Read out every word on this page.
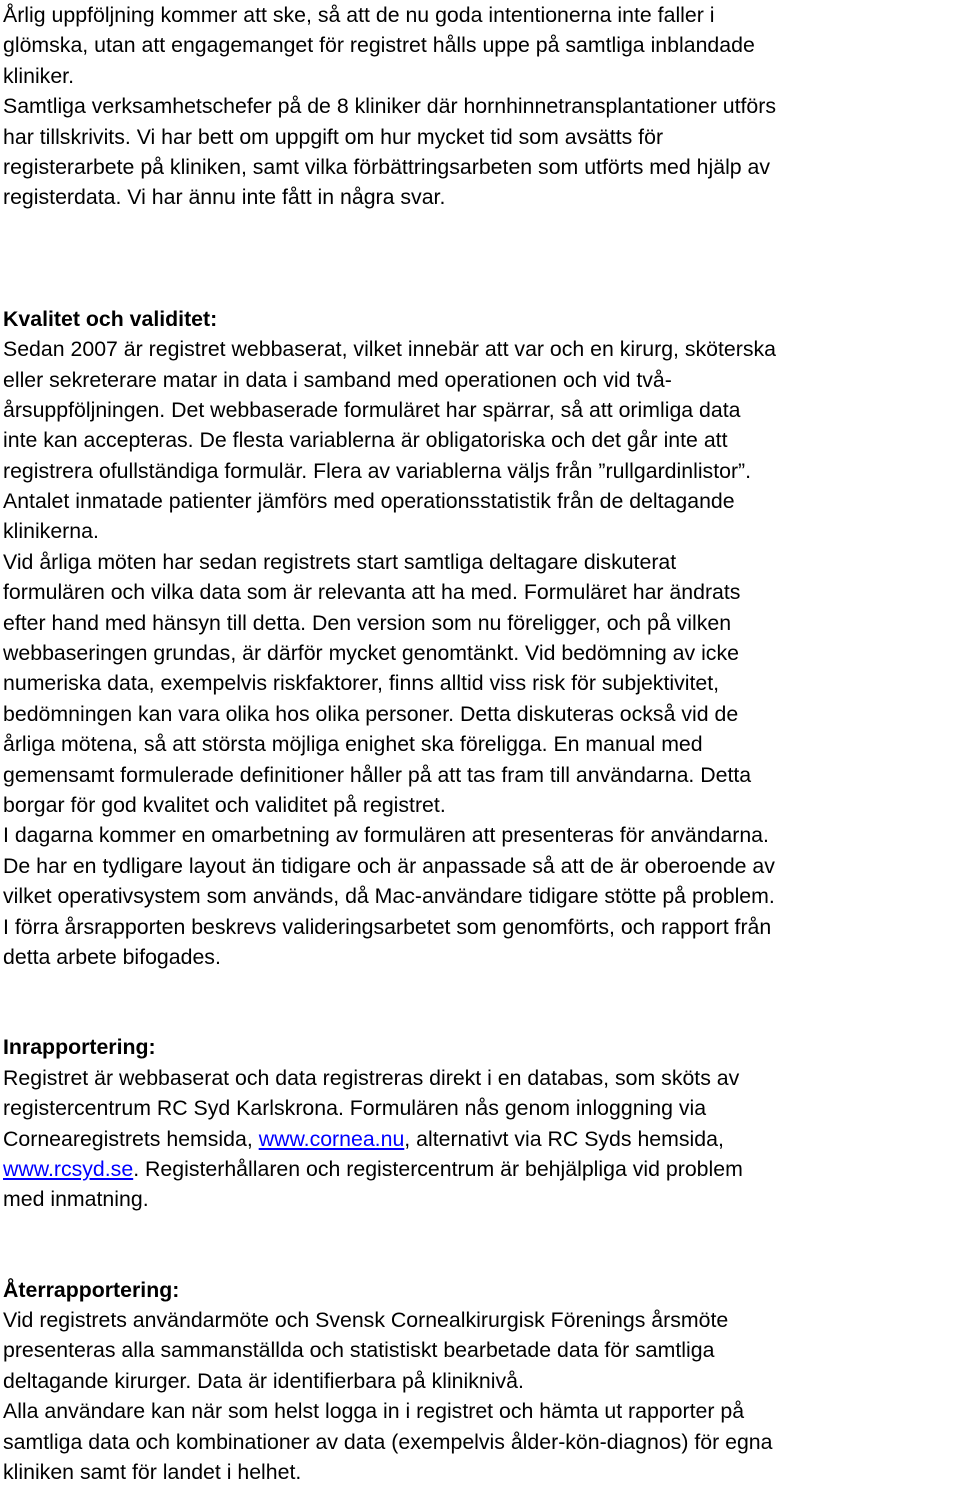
Årlig uppföljning kommer att ske, så att de nu goda intentionerna inte faller i
glömska, utan att engagemanget för registret hålls uppe på samtliga inblandade
kliniker.
Samtliga verksamhetschefer på de 8 kliniker där hornhinnetransplantationer utförs
har tillskrivits. Vi har bett om uppgift om hur mycket tid som avsätts för
registerarbete på kliniken, samt vilka förbättringsarbeten som utförts med hjälp av
registerdata. Vi har ännu inte fått in några svar.
Kvalitet och validitet:
Sedan 2007 är registret webbaserat, vilket innebär att var och en kirurg, sköterska
eller sekreterare matar in data i samband med operationen och vid två-
årsuppföljningen. Det webbaserade formuläret har spärrar, så att orimliga data
inte kan accepteras. De flesta variablerna är obligatoriska och det går inte att
registrera ofullständiga formulär. Flera av variablerna väljs från ”rullgardinlistor”.
Antalet inmatade patienter jämförs med operationsstatistik från de deltagande
klinikerna.
Vid årliga möten har sedan registrets start samtliga deltagare diskuterat
formulären och vilka data som är relevanta att ha med. Formuläret har ändrats
efter hand med hänsyn till detta. Den version som nu föreligger, och på vilken
webbaseringen grundas, är därför mycket genomtänkt. Vid bedömning av icke
numeriska data, exempelvis riskfaktorer, finns alltid viss risk för subjektivitet,
bedömningen kan vara olika hos olika personer. Detta diskuteras också vid de
årliga mötena, så att största möjliga enighet ska föreligga. En manual med
gemensamt formulerade definitioner håller på att tas fram till användarna. Detta
borgar för god kvalitet och validitet på registret.
I dagarna kommer en omarbetning av formulären att presenteras för användarna.
De har en tydligare layout än tidigare och är anpassade så att de är oberoende av
vilket operativsystem som används, då Mac-användare tidigare stötte på problem.
I förra årsrapporten beskrevs valideringsarbetet som genomförts, och rapport från
detta arbete bifogades.
Inrapportering:
Registret är webbaserat och data registreras direkt i en databas, som sköts av
registercentrum RC Syd Karlskrona. Formulären nås genom inloggning via
Cornearegistrets hemsida, www.cornea.nu, alternativt via RC Syds hemsida,
www.rcsyd.se. Registerhållaren och registercentrum är behjälpliga vid problem
med inmatning.
Återrapportering:
Vid registrets användarmöte och Svensk Cornealkirurgisk Förenings årsmöte
presenteras alla sammanställda och statistiskt bearbetade data för samtliga
deltagande kirurger. Data är identifierbara på kliniknivå.
Alla användare kan när som helst logga in i registret och hämta ut rapporter på
samtliga data och kombinationer av data (exempelvis ålder-kön-diagnos) för egna
kliniken samt för landet i helhet.
